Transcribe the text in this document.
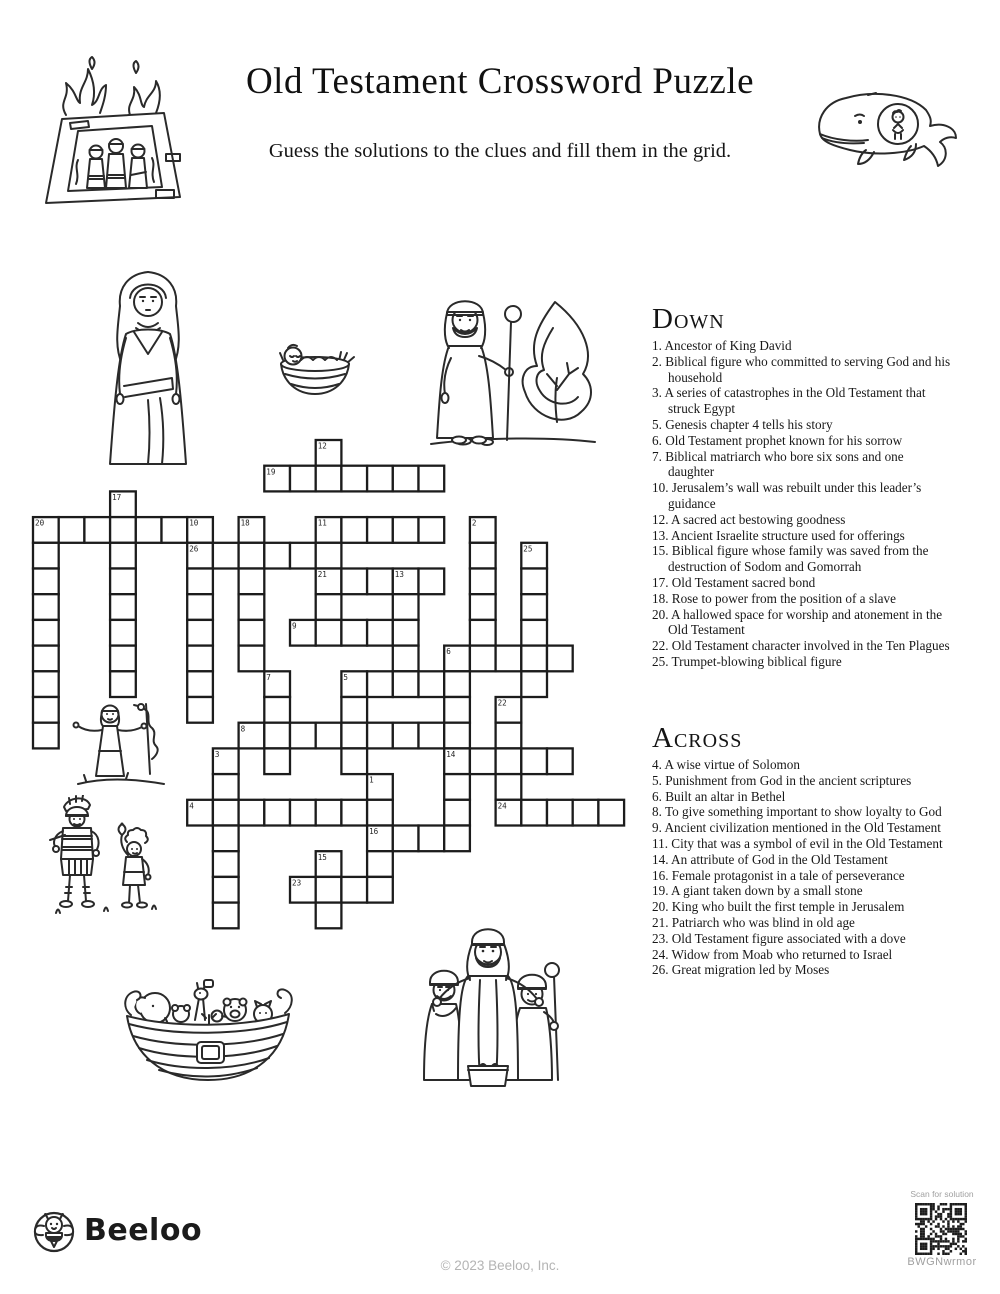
Old Testament Crossword Puzzle
Guess the solutions to the clues and fill them in the grid.
12
19
17
20	10	18	11	2
26	25
21	13
9
6
7	5
22
8
3	14
1
4	24
16
15
23
Down
1. Ancestor of King David
2. Biblical figure who committed to serving God and his household
3. A series of catastrophes in the Old Testament that struck Egypt
5. Genesis chapter 4 tells his story
6. Old Testament prophet known for his sorrow
7. Biblical matriarch who bore six sons and one daughter
10. Jerusalem’s wall was rebuilt under this leader’s guidance
12. A sacred act bestowing goodness
13. Ancient Israelite structure used for offerings
15. Biblical figure whose family was saved from the destruction of Sodom and Gomorrah
17. Old Testament sacred bond
18. Rose to power from the position of a slave
20. A hallowed space for worship and atonement in the Old Testament
22. Old Testament character involved in the Ten Plagues
25. Trumpet-blowing biblical figure
Across
4. A wise virtue of Solomon
5. Punishment from God in the ancient scriptures
6. Built an altar in Bethel
8. To give something important to show loyalty to God
9. Ancient civilization mentioned in the Old Testament
11. City that was a symbol of evil in the Old Testament
14. An attribute of God in the Old Testament
16. Female protagonist in a tale of perseverance
19. A giant taken down by a small stone
20. King who built the first temple in Jerusalem
21. Patriarch who was blind in old age
23. Old Testament figure associated with a dove
24. Widow from Moab who returned to Israel
26. Great migration led by Moses
Beeloo
© 2023 Beeloo, Inc.
Scan for solution
BWGNwrmor
